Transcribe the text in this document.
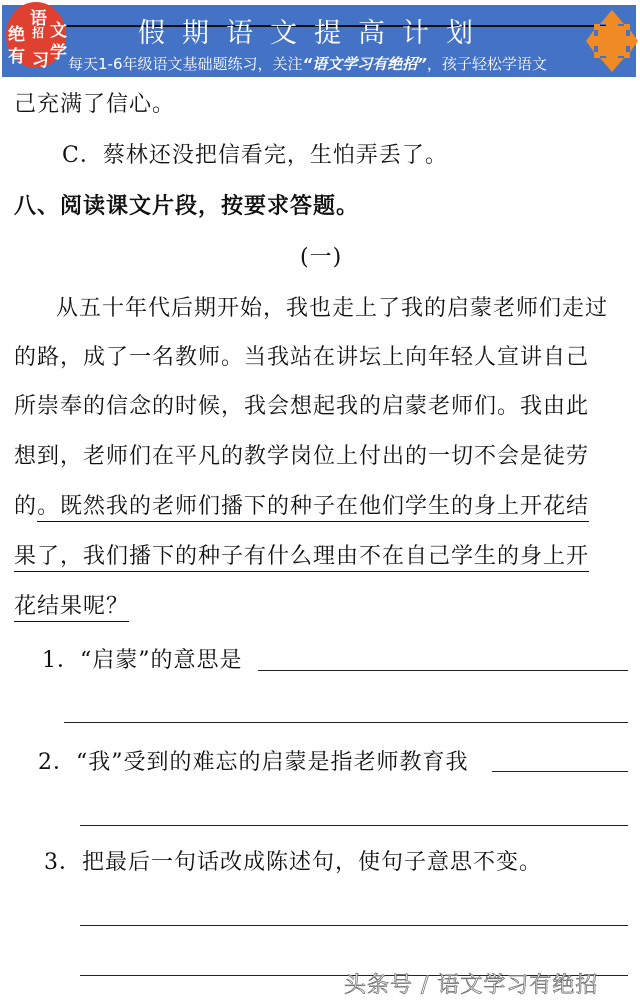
假期语文提高计划
每天1-6年级语文基础题练习，关注“语文学习有绝招”，孩子轻松学语文
语
绝 招 文
有 习 学
己充满了信心。
C．蔡林还没把信看完，生怕弄丢了。
八、阅读课文片段，按要求答题。
(一)
从五十年代后期开始，我也走上了我的启蒙老师们走过
的路，成了一名教师。当我站在讲坛上向年轻人宣讲自己
所崇奉的信念的时候，我会想起我的启蒙老师们。我由此
想到，老师们在平凡的教学岗位上付出的一切不会是徒劳
的。既然我的老师们播下的种子在他们学生的身上开花结
果了，我们播下的种子有什么理由不在自己学生的身上开
花结果呢？
1．“启蒙”的意思是
2．“我”受到的难忘的启蒙是指老师教育我
3．把最后一句话改成陈述句，使句子意思不变。
头条号 / 语文学习有绝招
